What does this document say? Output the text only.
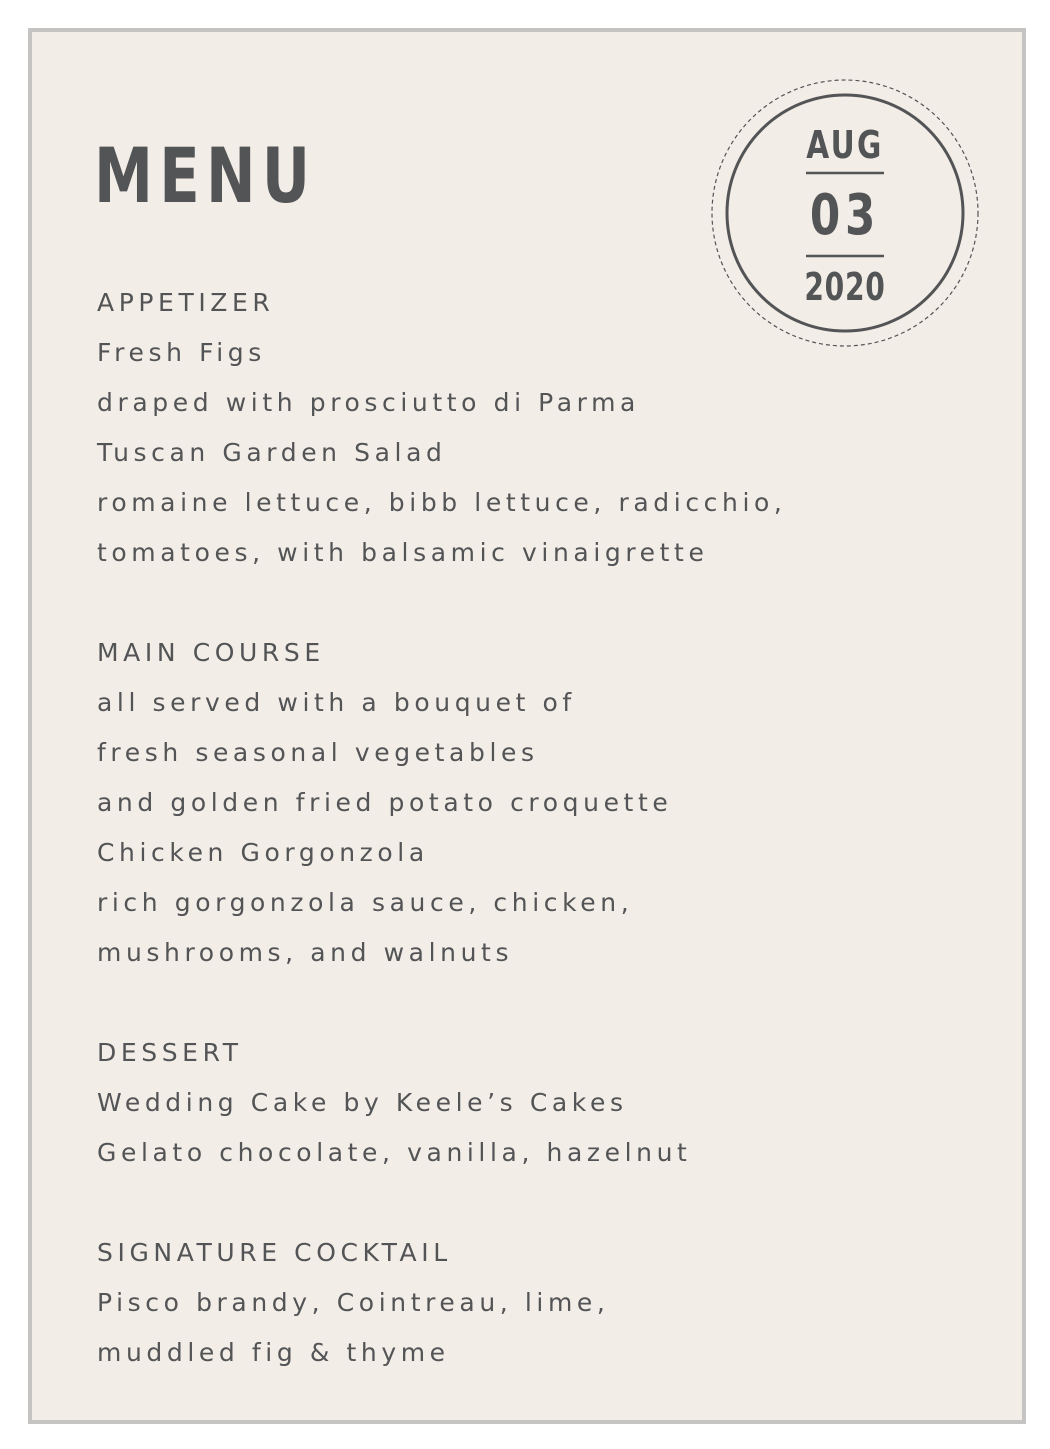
MENU	AUG
03
2020
APPETIZER
Fresh Figs
draped with prosciutto di Parma
Tuscan Garden Salad
romaine lettuce, bibb lettuce, radicchio,
tomatoes, with balsamic vinaigrette
MAIN COURSE
all served with a bouquet of
fresh seasonal vegetables
and golden fried potato croquette
Chicken Gorgonzola
rich gorgonzola sauce, chicken,
mushrooms, and walnuts
DESSERT
Wedding Cake by Keele’s Cakes
Gelato chocolate, vanilla, hazelnut
SIGNATURE COCKTAIL
Pisco brandy, Cointreau, lime,
muddled fig & thyme
